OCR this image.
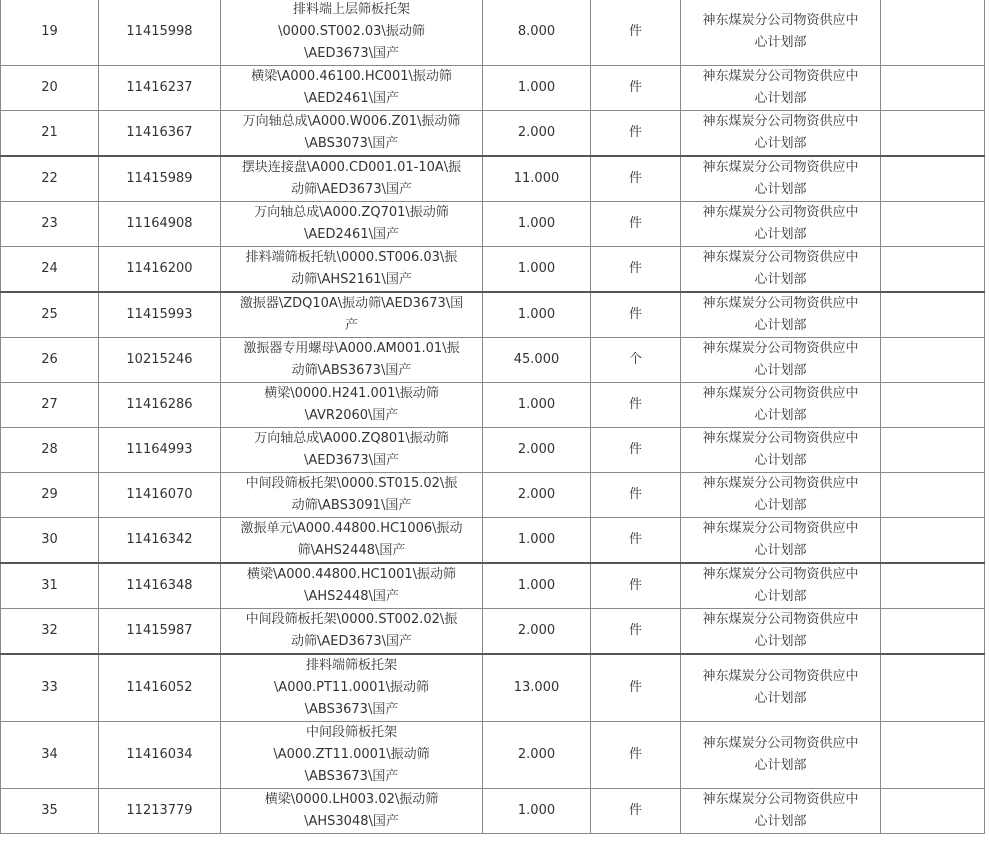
19	11415998	排料端上层筛板托架
\0000.ST002.03\振动筛
\AED3673\国产	8.000	件	神东煤炭分公司物资供应中
心计划部	
20	11416237	横梁\A000.46100.HC001\振动筛
\AED2461\国产	1.000	件	神东煤炭分公司物资供应中
心计划部	
21	11416367	万向轴总成\A000.W006.Z01\振动筛
\ABS3073\国产	2.000	件	神东煤炭分公司物资供应中
心计划部	
22	11415989	摆块连接盘\A000.CD001.01-10A\振
动筛\AED3673\国产	11.000	件	神东煤炭分公司物资供应中
心计划部	
23	11164908	万向轴总成\A000.ZQ701\振动筛
\AED2461\国产	1.000	件	神东煤炭分公司物资供应中
心计划部	
24	11416200	排料端筛板托轨\0000.ST006.03\振
动筛\AHS2161\国产	1.000	件	神东煤炭分公司物资供应中
心计划部	
25	11415993	激振器\ZDQ10A\振动筛\AED3673\国
产	1.000	件	神东煤炭分公司物资供应中
心计划部	
26	10215246	激振器专用螺母\A000.AM001.01\振
动筛\ABS3673\国产	45.000	个	神东煤炭分公司物资供应中
心计划部	
27	11416286	横梁\0000.H241.001\振动筛
\AVR2060\国产	1.000	件	神东煤炭分公司物资供应中
心计划部	
28	11164993	万向轴总成\A000.ZQ801\振动筛
\AED3673\国产	2.000	件	神东煤炭分公司物资供应中
心计划部	
29	11416070	中间段筛板托架\0000.ST015.02\振
动筛\ABS3091\国产	2.000	件	神东煤炭分公司物资供应中
心计划部	
30	11416342	激振单元\A000.44800.HC1006\振动
筛\AHS2448\国产	1.000	件	神东煤炭分公司物资供应中
心计划部	
31	11416348	横梁\A000.44800.HC1001\振动筛
\AHS2448\国产	1.000	件	神东煤炭分公司物资供应中
心计划部	
32	11415987	中间段筛板托架\0000.ST002.02\振
动筛\AED3673\国产	2.000	件	神东煤炭分公司物资供应中
心计划部	
33	11416052	排料端筛板托架
\A000.PT11.0001\振动筛
\ABS3673\国产	13.000	件	神东煤炭分公司物资供应中
心计划部	
34	11416034	中间段筛板托架
\A000.ZT11.0001\振动筛
\ABS3673\国产	2.000	件	神东煤炭分公司物资供应中
心计划部	
35	11213779	横梁\0000.LH003.02\振动筛
\AHS3048\国产	1.000	件	神东煤炭分公司物资供应中
心计划部	
